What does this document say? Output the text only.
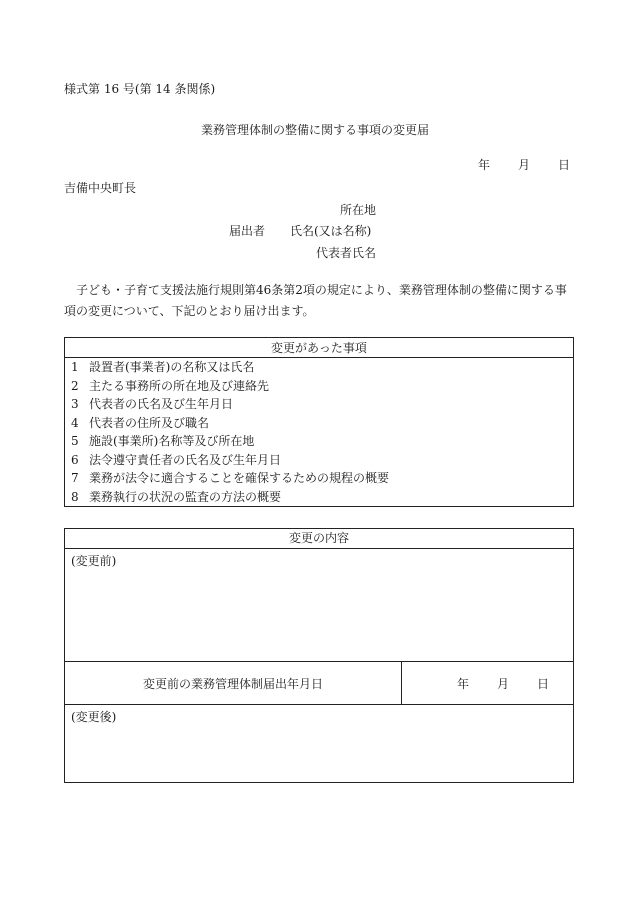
様式第 16 号(第 14 条関係)
業務管理体制の整備に関する事項の変更届
年 月 日
吉備中央町長
所在地
届出者 氏名(又は名称)
代表者氏名
子ども・子育て支援法施行規則第46条第2項の規定により、業務管理体制の整備に関する事項の変更について、下記のとおり届け出ます。
変更があった事項
1 設置者(事業者)の名称又は氏名
2 主たる事務所の所在地及び連絡先
3 代表者の氏名及び生年月日
4 代表者の住所及び職名
5 施設(事業所)名称等及び所在地
6 法令遵守責任者の氏名及び生年月日
7 業務が法令に適合することを確保するための規程の概要
8 業務執行の状況の監査の方法の概要
変更の内容
(変更前)
変更前の業務管理体制届出年月日	年 月 日
(変更後)
